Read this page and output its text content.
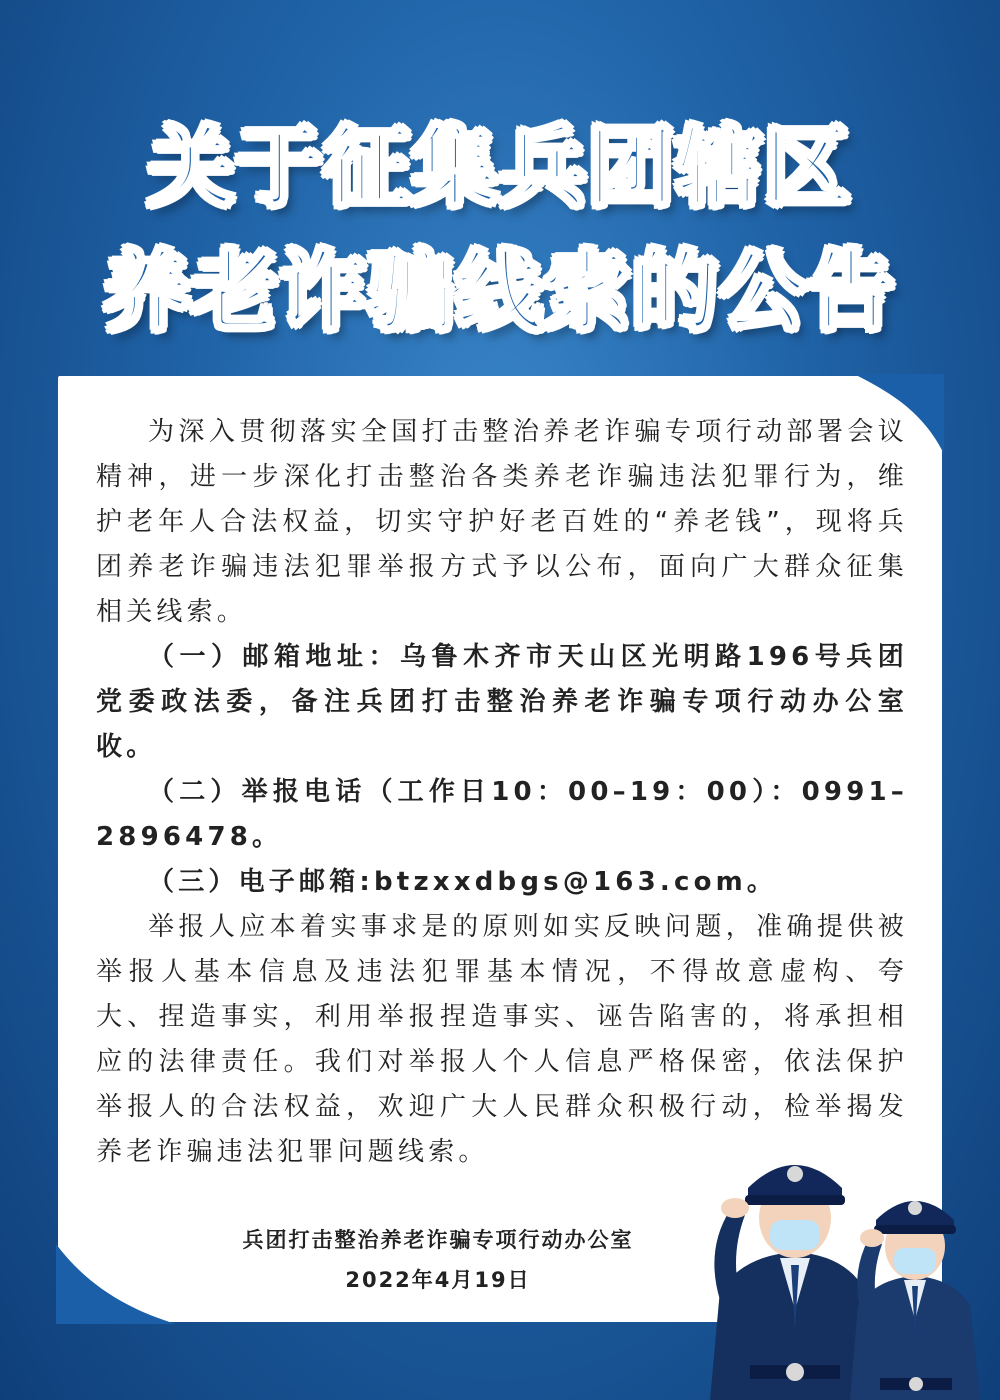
关于征集兵团辖区
养老诈骗线索的公告

为深入贯彻落实全国打击整治养老诈骗专项行动部署会议精神，进一步深化打击整治各类养老诈骗违法犯罪行为，维护老年人合法权益，切实守护好老百姓的“养老钱”，现将兵团养老诈骗违法犯罪举报方式予以公布，面向广大群众征集相关线索。

（一）邮箱地址：乌鲁木齐市天山区光明路196号兵团党委政法委，备注兵团打击整治养老诈骗专项行动办公室收。

（二）举报电话（工作日10：00–19：00）：0991–2896478。

（三）电子邮箱:btzxxdbgs@163.com。

举报人应本着实事求是的原则如实反映问题，准确提供被举报人基本信息及违法犯罪基本情况，不得故意虚构、夸大、捏造事实，利用举报捏造事实、诬告陷害的，将承担相应的法律责任。我们对举报人个人信息严格保密，依法保护举报人的合法权益，欢迎广大人民群众积极行动，检举揭发养老诈骗违法犯罪问题线索。

兵团打击整治养老诈骗专项行动办公室
2022年4月19日
